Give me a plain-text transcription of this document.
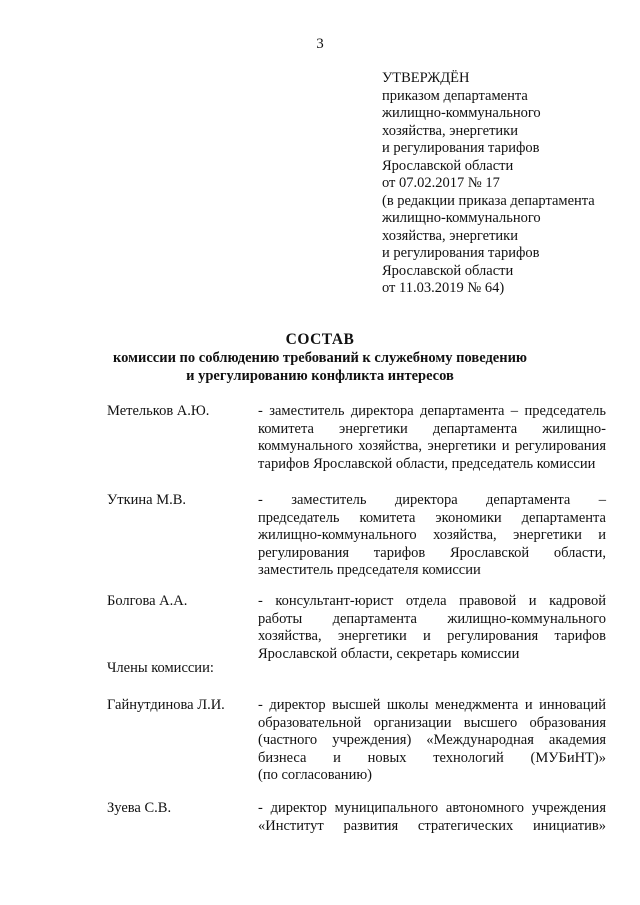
3
УТВЕРЖДЁН
приказом департамента
жилищно-коммунального
хозяйства, энергетики
и регулирования тарифов
Ярославской области
от 07.02.2017 № 17
(в редакции приказа департамента
жилищно-коммунального
хозяйства, энергетики
и регулирования тарифов
Ярославской области
от 11.03.2019 № 64)
СОСТАВ
комиссии по соблюдению требований к служебному поведению
и урегулированию конфликта интересов
Метельков А.Ю.	- заместитель директора департамента – председатель
комитета энергетики департамента жилищно-
коммунального хозяйства, энергетики и регулирования
тарифов Ярославской области, председатель комиссии
Уткина М.В.	- заместитель директора департамента –
председатель комитета экономики департамента
жилищно-коммунального хозяйства, энергетики и
регулирования тарифов Ярославской области,
заместитель председателя комиссии
Болгова А.А.	- консультант-юрист отдела правовой и кадровой
работы департамента жилищно-коммунального
хозяйства, энергетики и регулирования тарифов
Ярославской области, секретарь комиссии
Члены комиссии:
Гайнутдинова Л.И. - директор высшей школы менеджмента и инноваций
образовательной организации высшего образования
(частного учреждения) «Международная академия
бизнеса и новых технологий (МУБиНТ)»
(по согласованию)
Зуева С.В.	- директор муниципального автономного учреждения
«Институт развития стратегических инициатив»
